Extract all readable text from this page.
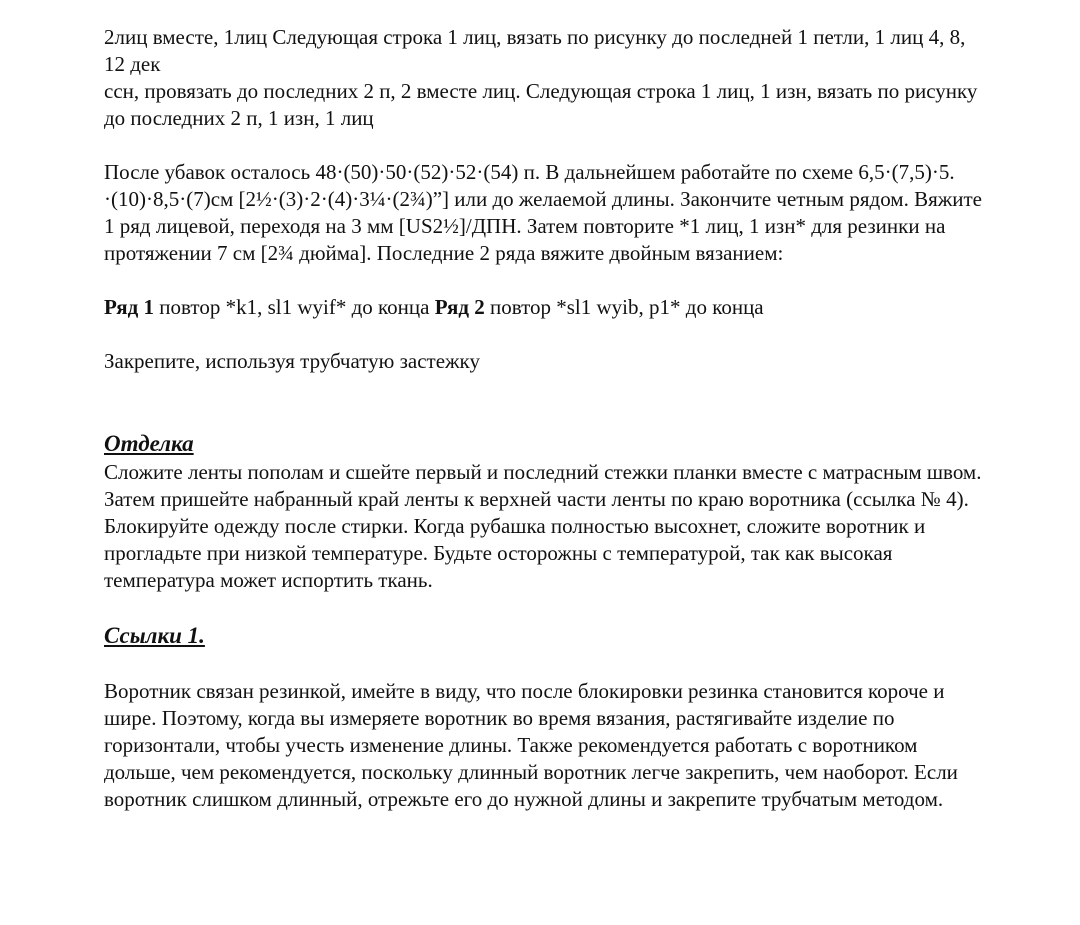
2лиц вместе, 1лиц Следующая строка 1 лиц, вязать по рисунку до последней 1 петли, 1 лиц 4, 8, 12 дек

ссн, провязать до последних 2 п, 2 вместе лиц. Следующая строка 1 лиц, 1 изн, вязать по рисунку до последних 2 п, 1 изн, 1 лиц

После убавок осталось 48·(50)·50·(52)·52·(54) п. В дальнейшем работайте по схеме 6,5·(7,5)·5. ·(10)·8,5·(7)см [2½·(3)·2·(4)·3¼·(2¾)”] или до желаемой длины. Закончите четным рядом. Вяжите 1 ряд лицевой, переходя на 3 мм [US2½]/ДПН. Затем повторите *1 лиц, 1 изн* для резинки на протяжении 7 см [2¾ дюйма]. Последние 2 ряда вяжите двойным вязанием:

Ряд 1 повтор *k1, sl1 wyif* до конца Ряд 2 повтор *sl1 wyib, p1* до конца

Закрепите, используя трубчатую застежку

Отделка

Сложите ленты пополам и сшейте первый и последний стежки планки вместе с матрасным швом. Затем пришейте набранный край ленты к верхней части ленты по краю воротника (ссылка № 4).

Блокируйте одежду после стирки. Когда рубашка полностью высохнет, сложите воротник и прогладьте при низкой температуре. Будьте осторожны с температурой, так как высокая температура может испортить ткань.

Ссылки 1.

Воротник связан резинкой, имейте в виду, что после блокировки резинка становится короче и шире. Поэтому, когда вы измеряете воротник во время вязания, растягивайте изделие по горизонтали, чтобы учесть изменение длины. Также рекомендуется работать с воротником дольше, чем рекомендуется, поскольку длинный воротник легче закрепить, чем наоборот. Если воротник слишком длинный, отрежьте его до нужной длины и закрепите трубчатым методом.
